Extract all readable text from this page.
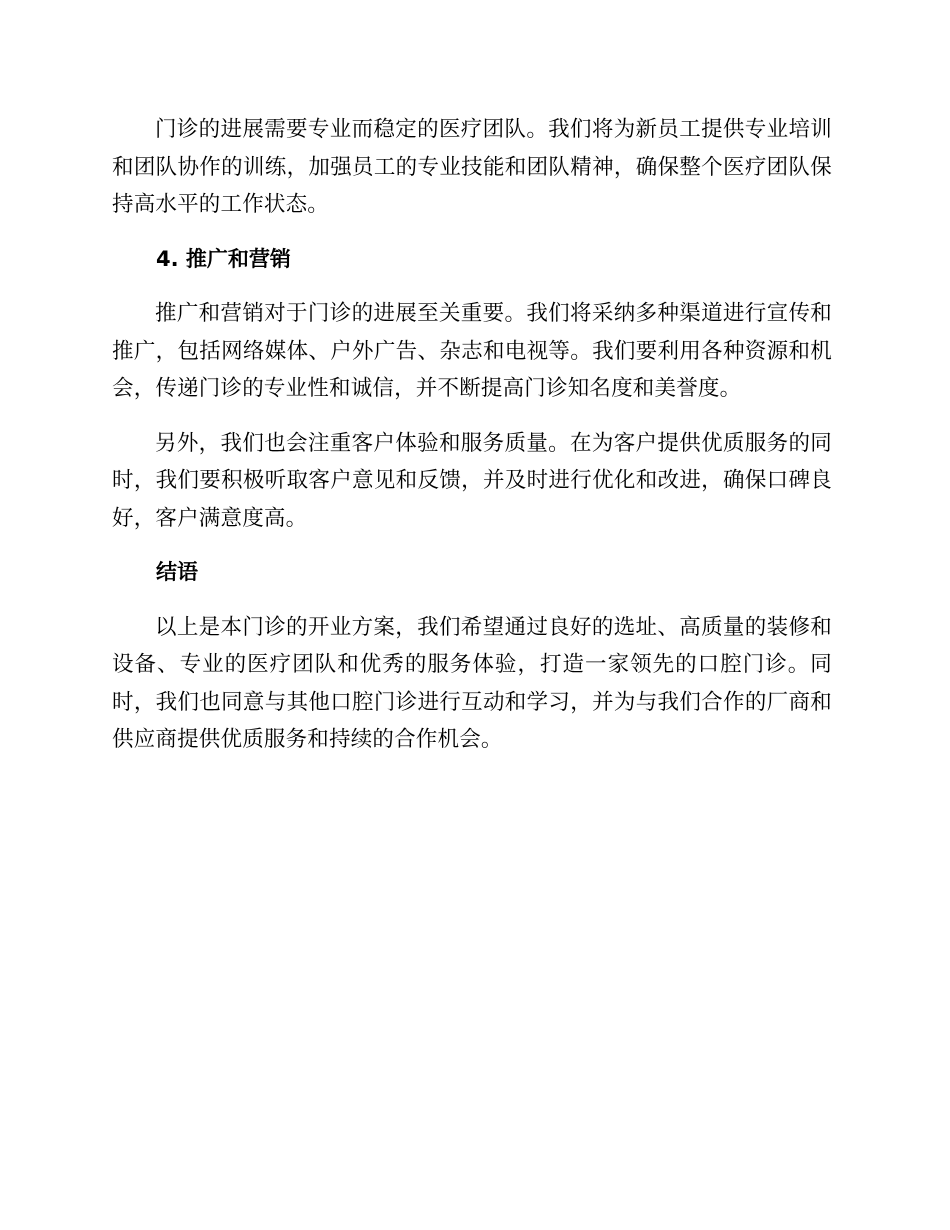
门诊的进展需要专业而稳定的医疗团队。我们将为新员工提供专业培训和团队协作的训练，加强员工的专业技能和团队精神，确保整个医疗团队保持高水平的工作状态。

4. 推广和营销

推广和营销对于门诊的进展至关重要。我们将采纳多种渠道进行宣传和推广，包括网络媒体、户外广告、杂志和电视等。我们要利用各种资源和机会，传递门诊的专业性和诚信，并不断提高门诊知名度和美誉度。

另外，我们也会注重客户体验和服务质量。在为客户提供优质服务的同时，我们要积极听取客户意见和反馈，并及时进行优化和改进，确保口碑良好，客户满意度高。

结语

以上是本门诊的开业方案，我们希望通过良好的选址、高质量的装修和设备、专业的医疗团队和优秀的服务体验，打造一家领先的口腔门诊。同时，我们也同意与其他口腔门诊进行互动和学习，并为与我们合作的厂商和供应商提供优质服务和持续的合作机会。
